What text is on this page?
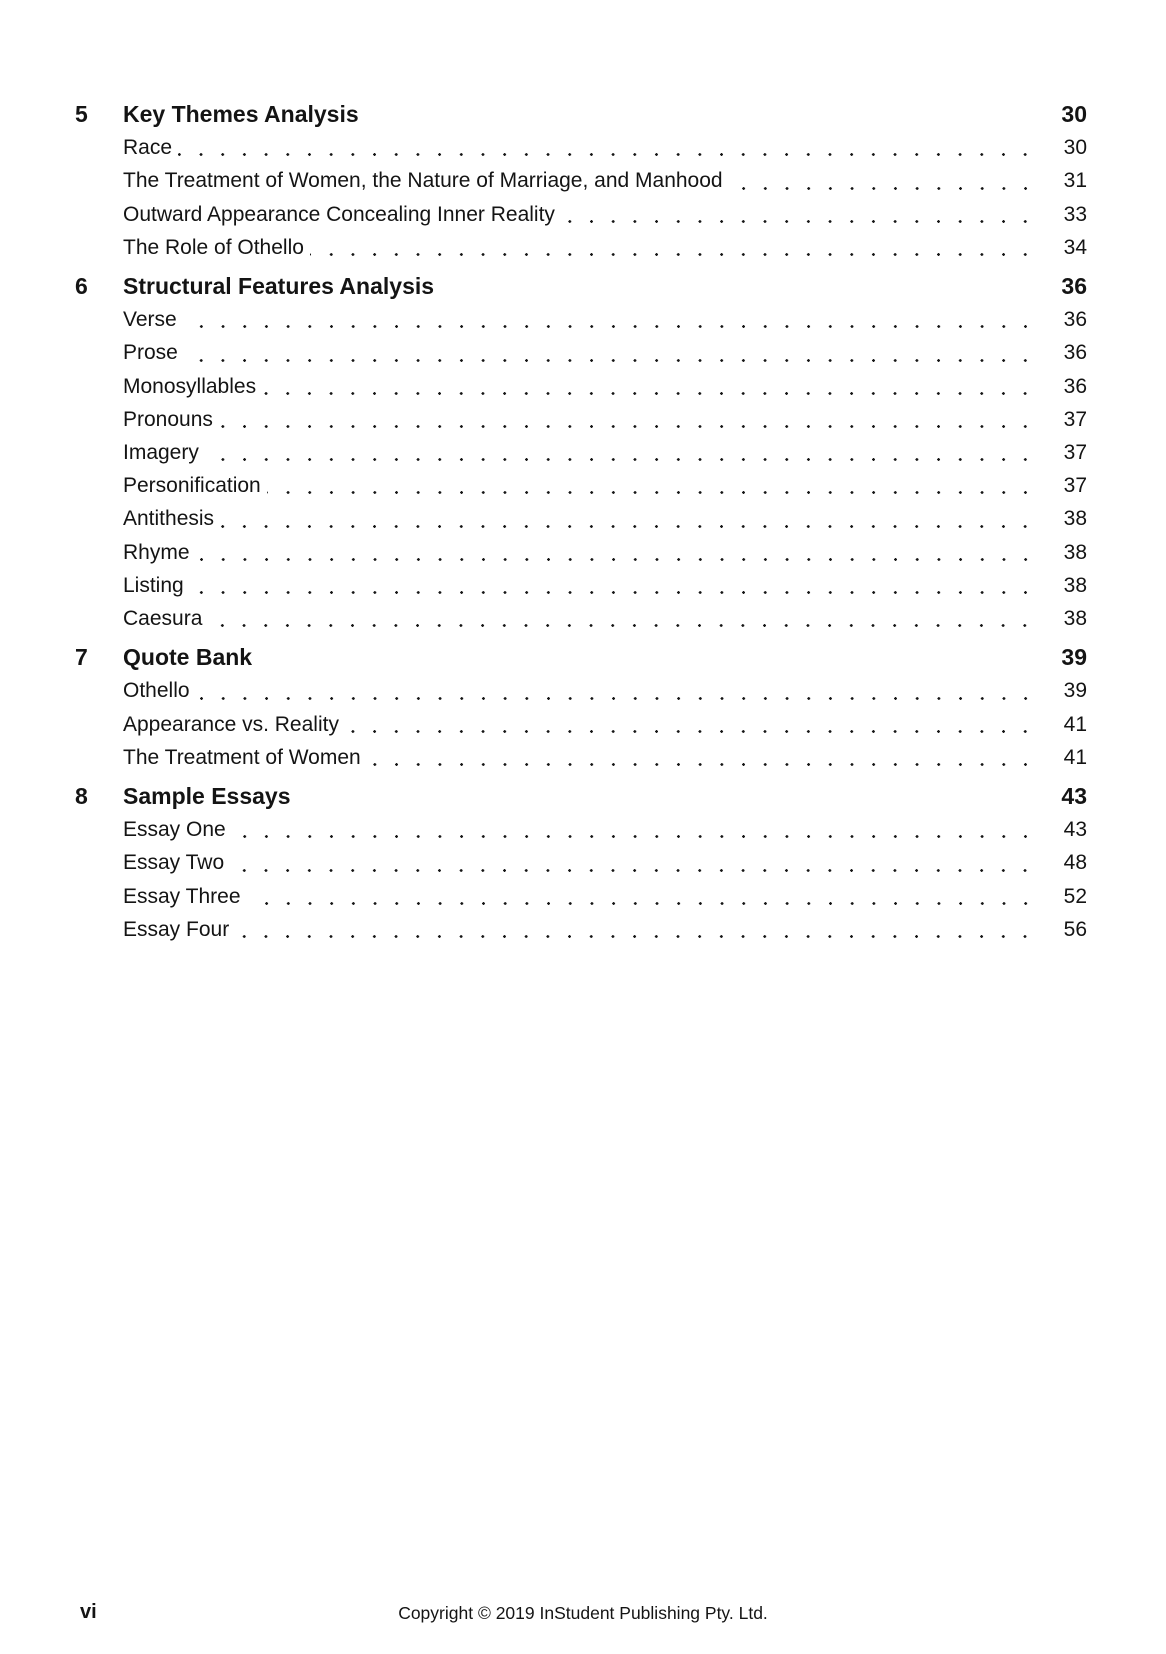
5	Key Themes Analysis	30
Race	30
The Treatment of Women, the Nature of Marriage, and Manhood	31
Outward Appearance Concealing Inner Reality	33
The Role of Othello	34
6	Structural Features Analysis	36
Verse	36
Prose	36
Monosyllables	36
Pronouns	37
Imagery	37
Personification	37
Antithesis	38
Rhyme	38
Listing	38
Caesura	38
7	Quote Bank	39
Othello	39
Appearance vs. Reality	41
The Treatment of Women	41
8	Sample Essays	43
Essay One	43
Essay Two	48
Essay Three	52
Essay Four	56
vi	Copyright © 2019 InStudent Publishing Pty. Ltd.
